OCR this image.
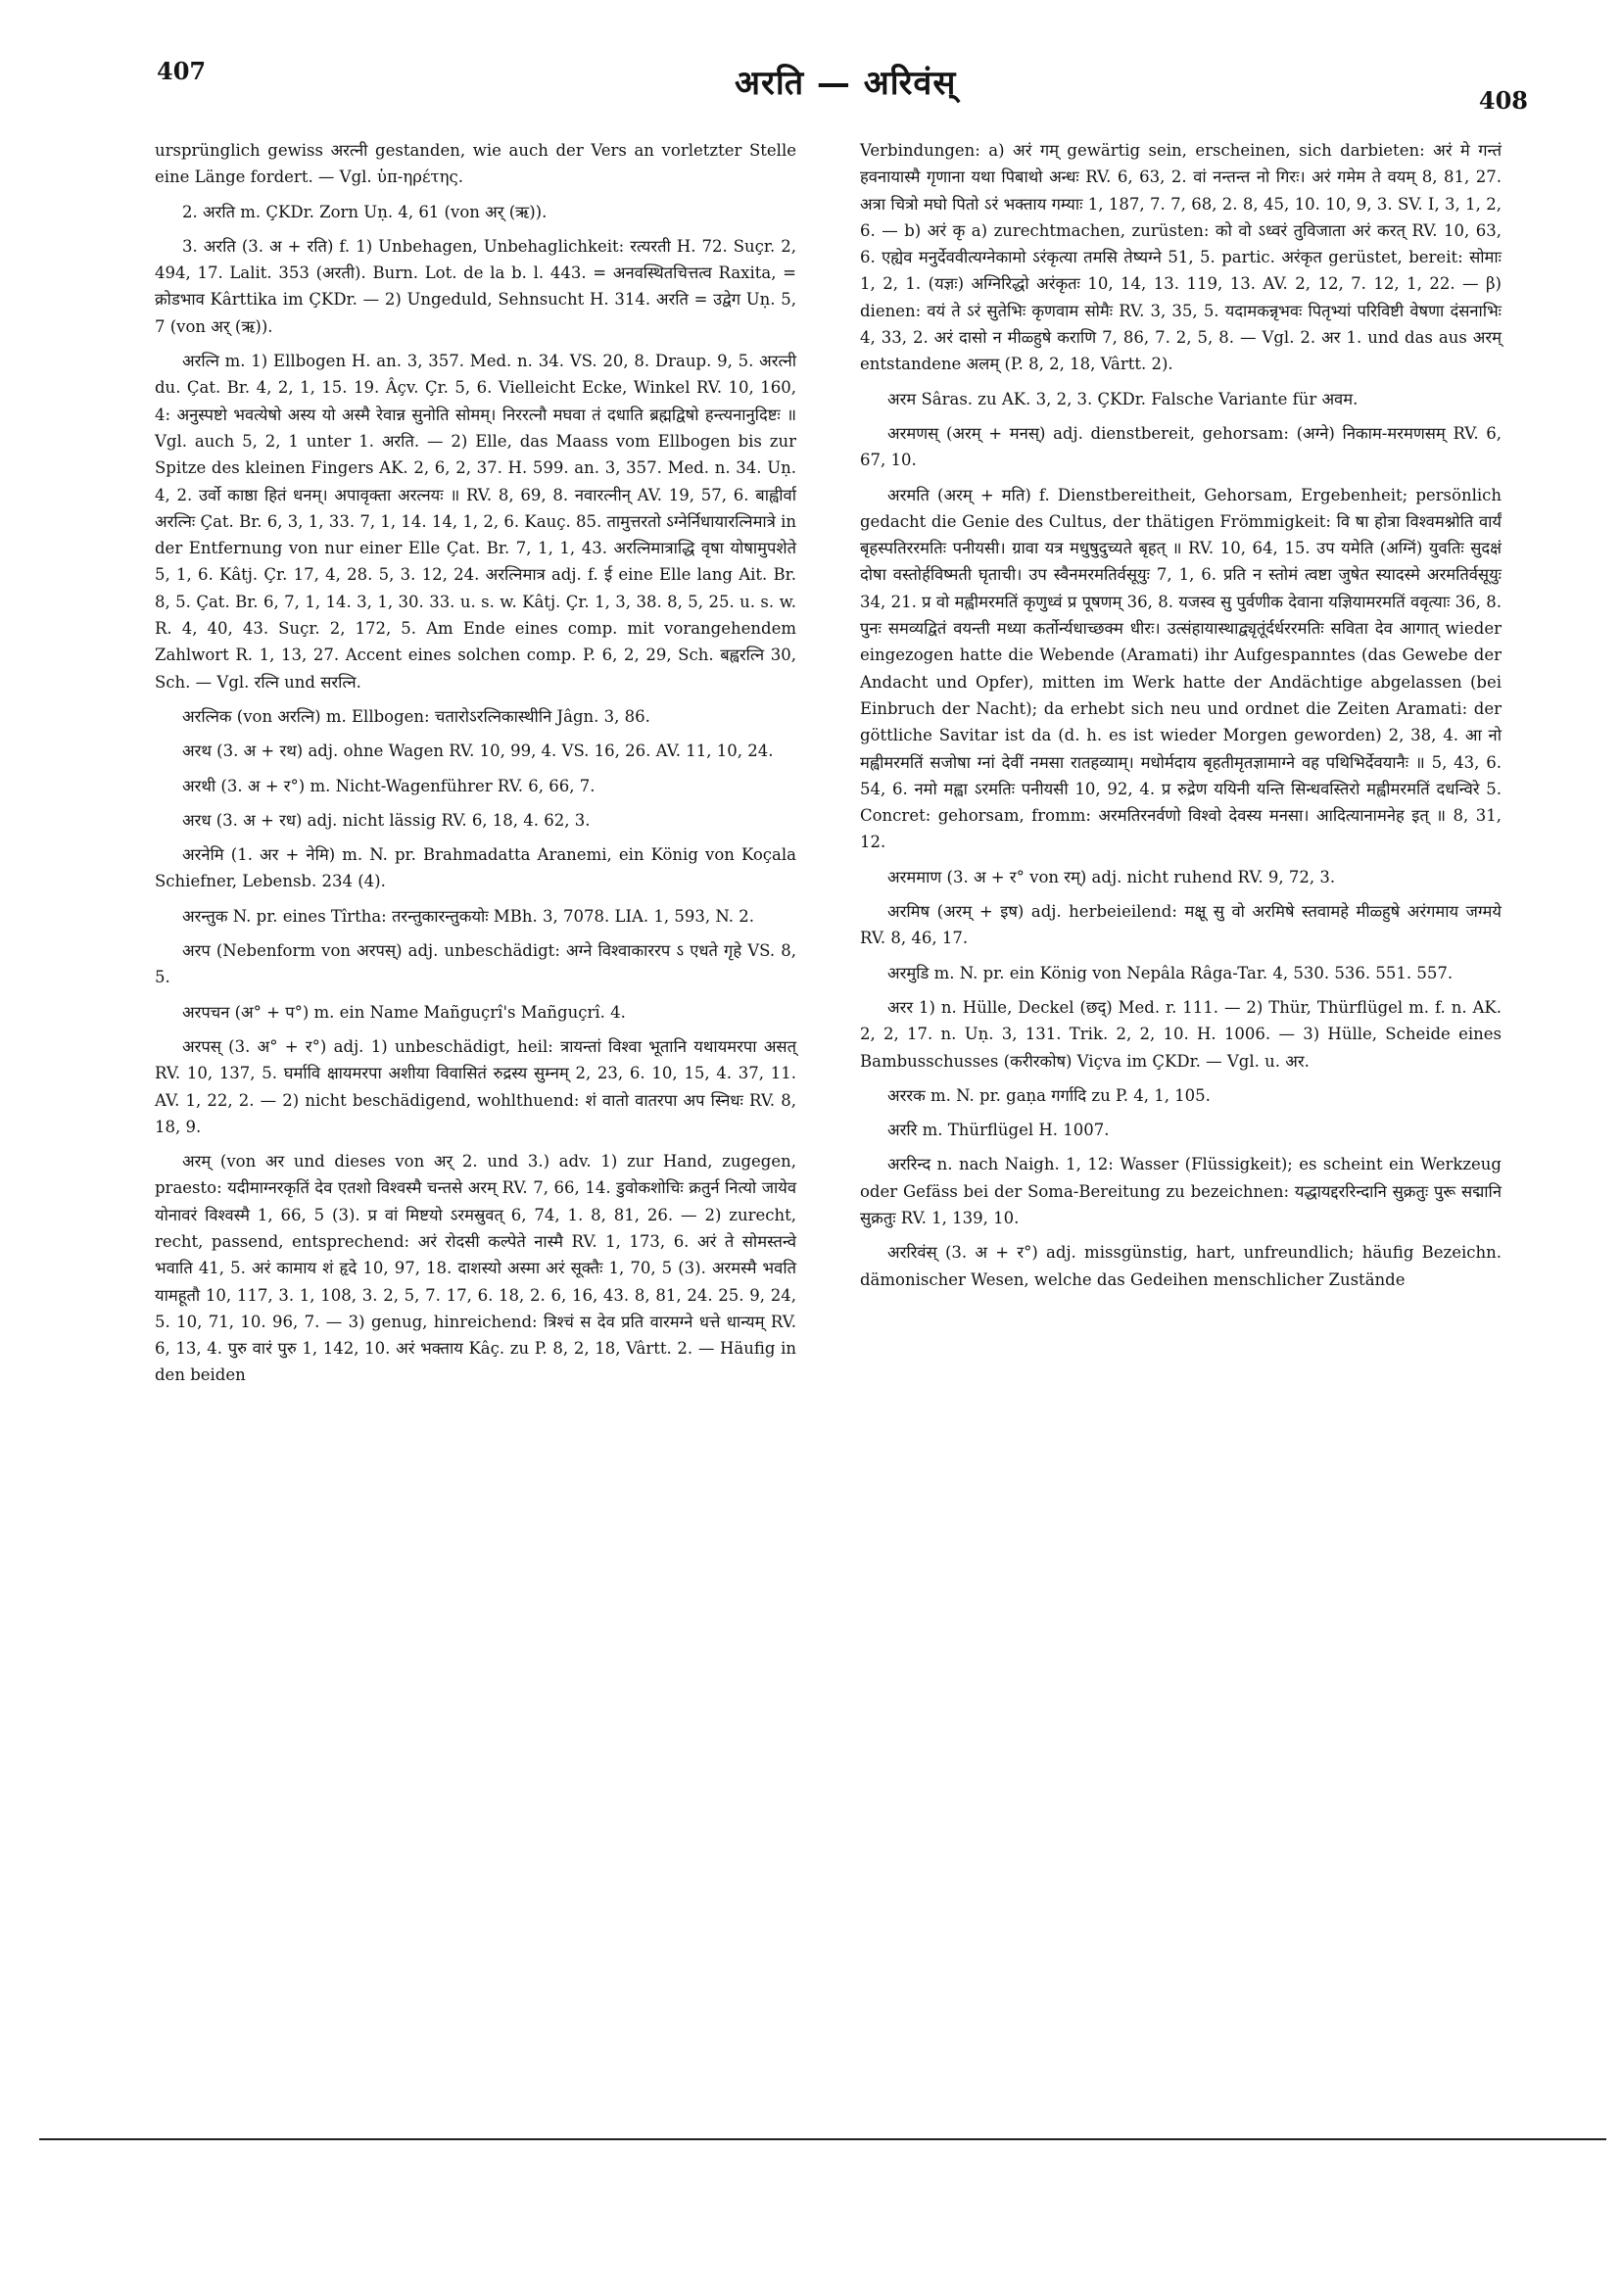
407	अरति — अरिवंस्	408

ursprünglich gewiss अरत्नी gestanden, wie auch der Vers an vorletzter Stelle eine Länge fordert. — Vgl. ὑπ-ηρέτης.

2. अरति m. ÇKDr. Zorn Uṇ. 4, 61 (von अर् (ऋ)).

3. अरति (3. अ + रति) f. 1) Unbehagen, Unbehaglichkeit: रत्यरती H. 72. Suçr. 2, 494, 17. Lalit. 353 (अरती). Burn. Lot. de la b. l. 443. = अनवस्थितचित्तत्व Raxita, = क्रोडभाव Kârttika im ÇKDr. — 2) Ungeduld, Sehnsucht H. 314. अरति = उद्वेग Uṇ. 5, 7 (von अर् (ऋ)).

अरत्नि m. 1) Ellbogen H. an. 3, 357. Med. n. 34. VS. 20, 8. Draup. 9, 5. अरत्नी du. Çat. Br. 4, 2, 1, 15. 19. Âçv. Çr. 5, 6. Vielleicht Ecke, Winkel RV. 10, 160, 4: अनुस्पष्टो भवत्येषो अस्य यो अस्मै रेवान्न सुनोति सोमम्। निररत्नौ मघवा तं दधाति ब्रह्मद्विषो हन्त्यनानुदिष्टः ॥ Vgl. auch 5, 2, 1 unter 1. अरति. — 2) Elle, das Maass vom Ellbogen bis zur Spitze des kleinen Fingers AK. 2, 6, 2, 37. H. 599. an. 3, 357. Med. n. 34. Uṇ. 4, 2. उर्वो काष्ठा हितं धनम्। अपावृक्ता अरत्नयः ॥ RV. 8, 69, 8. नवारत्नीन् AV. 19, 57, 6. बाह्वीर्वा अरत्निः Çat. Br. 6, 3, 1, 33. 7, 1, 14. 14, 1, 2, 6. Kauç. 85. तामुत्तरतो ऽग्नेर्निधायारत्निमात्रे in der Entfernung von nur einer Elle Çat. Br. 7, 1, 1, 43. अरत्निमात्राद्धि वृषा योषामुपशेते 5, 1, 6. Kâtj. Çr. 17, 4, 28. 5, 3. 12, 24. अरत्निमात्र adj. f. ई eine Elle lang Ait. Br. 8, 5. Çat. Br. 6, 7, 1, 14. 3, 1, 30. 33. u. s. w. Kâtj. Çr. 1, 3, 38. 8, 5, 25. u. s. w. R. 4, 40, 43. Suçr. 2, 172, 5. Am Ende eines comp. mit vorangehendem Zahlwort R. 1, 13, 27. Accent eines solchen comp. P. 6, 2, 29, Sch. बह्वरत्नि 30, Sch. — Vgl. रत्नि und सरत्नि.

अरत्निक (von अरत्नि) m. Ellbogen: चतारोऽरत्निकास्थीनि Jâgn. 3, 86.

अरथ (3. अ + रथ) adj. ohne Wagen RV. 10, 99, 4. VS. 16, 26. AV. 11, 10, 24.

अरथी (3. अ + र°) m. Nicht-Wagenführer RV. 6, 66, 7.

अरध (3. अ + रध) adj. nicht lässig RV. 6, 18, 4. 62, 3.

अरनेमि (1. अर + नेमि) m. N. pr. Brahmadatta Aranemi, ein König von Koçala Schiefner, Lebensb. 234 (4).

अरन्तुक N. pr. eines Tîrtha: तरन्तुकारन्तुकयोः MBh. 3, 7078. LIA. 1, 593, N. 2.

अरप (Nebenform von अरपस्) adj. unbeschädigt: अग्ने विश्वाकाररप ऽ एधते गृहे VS. 8, 5.

अरपचन (अ° + प°) m. ein Name Mañguçrî's Mañguçrî. 4.

अरपस् (3. अ° + र°) adj. 1) unbeschädigt, heil: त्रायन्तां विश्वा भूतानि यथायमरपा असत् RV. 10, 137, 5. घर्मावि क्षायमरपा अशीया विवासितं रुद्रस्य सुम्नम् 2, 23, 6. 10, 15, 4. 37, 11. AV. 1, 22, 2. — 2) nicht beschädigend, wohlthuend: शं वातो वातरपा अप स्निधः RV. 8, 18, 9.

अरम् (von अर und dieses von अर् 2. und 3.) adv. 1) zur Hand, zugegen, praesto: यदीमाग्नरकृतिं देव एतशो विश्वस्मै चन्तसे अरम् RV. 7, 66, 14. डुवोकशोचिः क्रतुर्न नित्यो जायेव योनावरं विश्वस्मै 1, 66, 5 (3). प्र वां मिष्टयो ऽरमस्रुवत् 6, 74, 1. 8, 81, 26. — 2) zurecht, recht, passend, entsprechend: अरं रोदसी कल्पेते नास्मै RV. 1, 173, 6. अरं ते सोमस्तन्वे भवाति 41, 5. अरं कामाय शं हृदे 10, 97, 18. दाशस्यो अस्मा अरं सूक्तैः 1, 70, 5 (3). अरमस्मै भवति यामहूतौ 10, 117, 3. 1, 108, 3. 2, 5, 7. 17, 6. 18, 2. 6, 16, 43. 8, 81, 24. 25. 9, 24, 5. 10, 71, 10. 96, 7. — 3) genug, hinreichend: त्रिश्चं स देव प्रति वारमग्ने धत्ते धान्यम् RV. 6, 13, 4. पुरु वारं पुरु 1, 142, 10. अरं भक्ताय Kâç. zu P. 8, 2, 18, Vârtt. 2. — Häufig in den beiden

Verbindungen: a) अरं गम् gewärtig sein, erscheinen, sich darbieten: अरं मे गन्तं हवनायास्मै गृणाना यथा पिबाथो अन्धः RV. 6, 63, 2. वां नन्तन्त नो गिरः। अरं गमेम ते वयम् 8, 81, 27. अत्रा चित्रो मघो पितो ऽरं भक्ताय गम्याः 1, 187, 7. 7, 68, 2. 8, 45, 10. 10, 9, 3. SV. I, 3, 1, 2, 6. — b) अरं कृ a) zurechtmachen, zurüsten: को वो ऽध्वरं तुविजाता अरं करत् RV. 10, 63, 6. एह्येव मनुर्देववीत्यग्नेकामो ऽरंकृत्या तमसि तेष्यग्ने 51, 5. partic. अरंकृत gerüstet, bereit: सोमाः 1, 2, 1. (यज्ञः) अग्निरिद्धो अरंकृतः 10, 14, 13. 119, 13. AV. 2, 12, 7. 12, 1, 22. — β) dienen: वयं ते ऽरं सुतेभिः कृणवाम सोमैः RV. 3, 35, 5. यदामकन्नृभवः पितृभ्यां परिविष्टी वेषणा दंसनाभिः 4, 33, 2. अरं दासो न मीळ्हुषे कराणि 7, 86, 7. 2, 5, 8. — Vgl. 2. अर 1. und das aus अरम् entstandene अलम् (P. 8, 2, 18, Vârtt. 2).

अरम Sâras. zu AK. 3, 2, 3. ÇKDr. Falsche Variante für अवम.

अरमणस् (अरम् + मनस्) adj. dienstbereit, gehorsam: (अग्ने) निकाम-मरमणसम् RV. 6, 67, 10.

अरमति (अरम् + मति) f. Dienstbereitheit, Gehorsam, Ergebenheit; persönlich gedacht die Genie des Cultus, der thätigen Frömmigkeit: वि षा होत्रा विश्वमश्नोति वार्यं बृहस्पतिररमतिः पनीयसी। ग्रावा यत्र मधुषुदुच्यते बृहत् ॥ RV. 10, 64, 15. उप यमेति (अग्निं) युवतिः सुदक्षं दोषा वस्तोर्हविष्मती घृताची। उप स्वैनमरमतिर्वसूयुः 7, 1, 6. प्रति न स्तोमं त्वष्टा जुषेत स्यादस्मे अरमतिर्वसूयुः 34, 21. प्र वो मह्वीमरमतिं कृणुध्वं प्र पूषणम् 36, 8. यजस्व सु पुर्वणीक देवाना यज्ञियामरमतिं ववृत्याः 36, 8. पुनः समव्यद्वितं वयन्ती मध्या कर्तोर्न्यधाच्छक्म धीरः। उत्संहायास्थाद्व्यृतूंर्दर्धररमतिः सविता देव आगात् wieder eingezogen hatte die Webende (Aramati) ihr Aufgespanntes (das Gewebe der Andacht und Opfer), mitten im Werk hatte der Andächtige abgelassen (bei Einbruch der Nacht); da erhebt sich neu und ordnet die Zeiten Aramati: der göttliche Savitar ist da (d. h. es ist wieder Morgen geworden) 2, 38, 4. आ नो मह्वीमरमतिं सजोषा ग्नां देवीं नमसा रातहव्याम्। मधोर्मदाय बृहतीमृतज्ञामाग्ने वह पथिभिर्देवयानैः ॥ 5, 43, 6. 54, 6. नमो मह्वा ऽरमतिः पनीयसी 10, 92, 4. प्र रुद्रेण ययिनी यन्ति सिन्धवस्तिरो मह्वीमरमतिं दधन्विरे 5. Concret: gehorsam, fromm: अरमतिरनर्वणो विश्वो देवस्य मनसा। आदित्यानामनेह इत् ॥ 8, 31, 12.

अरममाण (3. अ + र° von रम्) adj. nicht ruhend RV. 9, 72, 3.

अरमिष (अरम् + इष) adj. herbeieilend: मक्षू सु वो अरमिषे स्तवामहे मीळ्हुषे अरंगमाय जग्मये RV. 8, 46, 17.

अरमुडि m. N. pr. ein König von Nepâla Râga-Tar. 4, 530. 536. 551. 557.

अरर 1) n. Hülle, Deckel (छद्) Med. r. 111. — 2) Thür, Thürflügel m. f. n. AK. 2, 2, 17. n. Uṇ. 3, 131. Trik. 2, 2, 10. H. 1006. — 3) Hülle, Scheide eines Bambusschusses (करीरकोष) Viçva im ÇKDr. — Vgl. u. अर.

अररक m. N. pr. gaṇa गर्गादि zu P. 4, 1, 105.

अररि m. Thürflügel H. 1007.

अररिन्द n. nach Naigh. 1, 12: Wasser (Flüssigkeit); es scheint ein Werkzeug oder Gefäss bei der Soma-Bereitung zu bezeichnen: यद्धायद्दररिन्दानि सुक्रतुः पुरू सद्मानि सुक्रतुः RV. 1, 139, 10.

अररिवंस् (3. अ + र°) adj. missgünstig, hart, unfreundlich; häufig Bezeichn. dämonischer Wesen, welche das Gedeihen menschlicher Zustände
